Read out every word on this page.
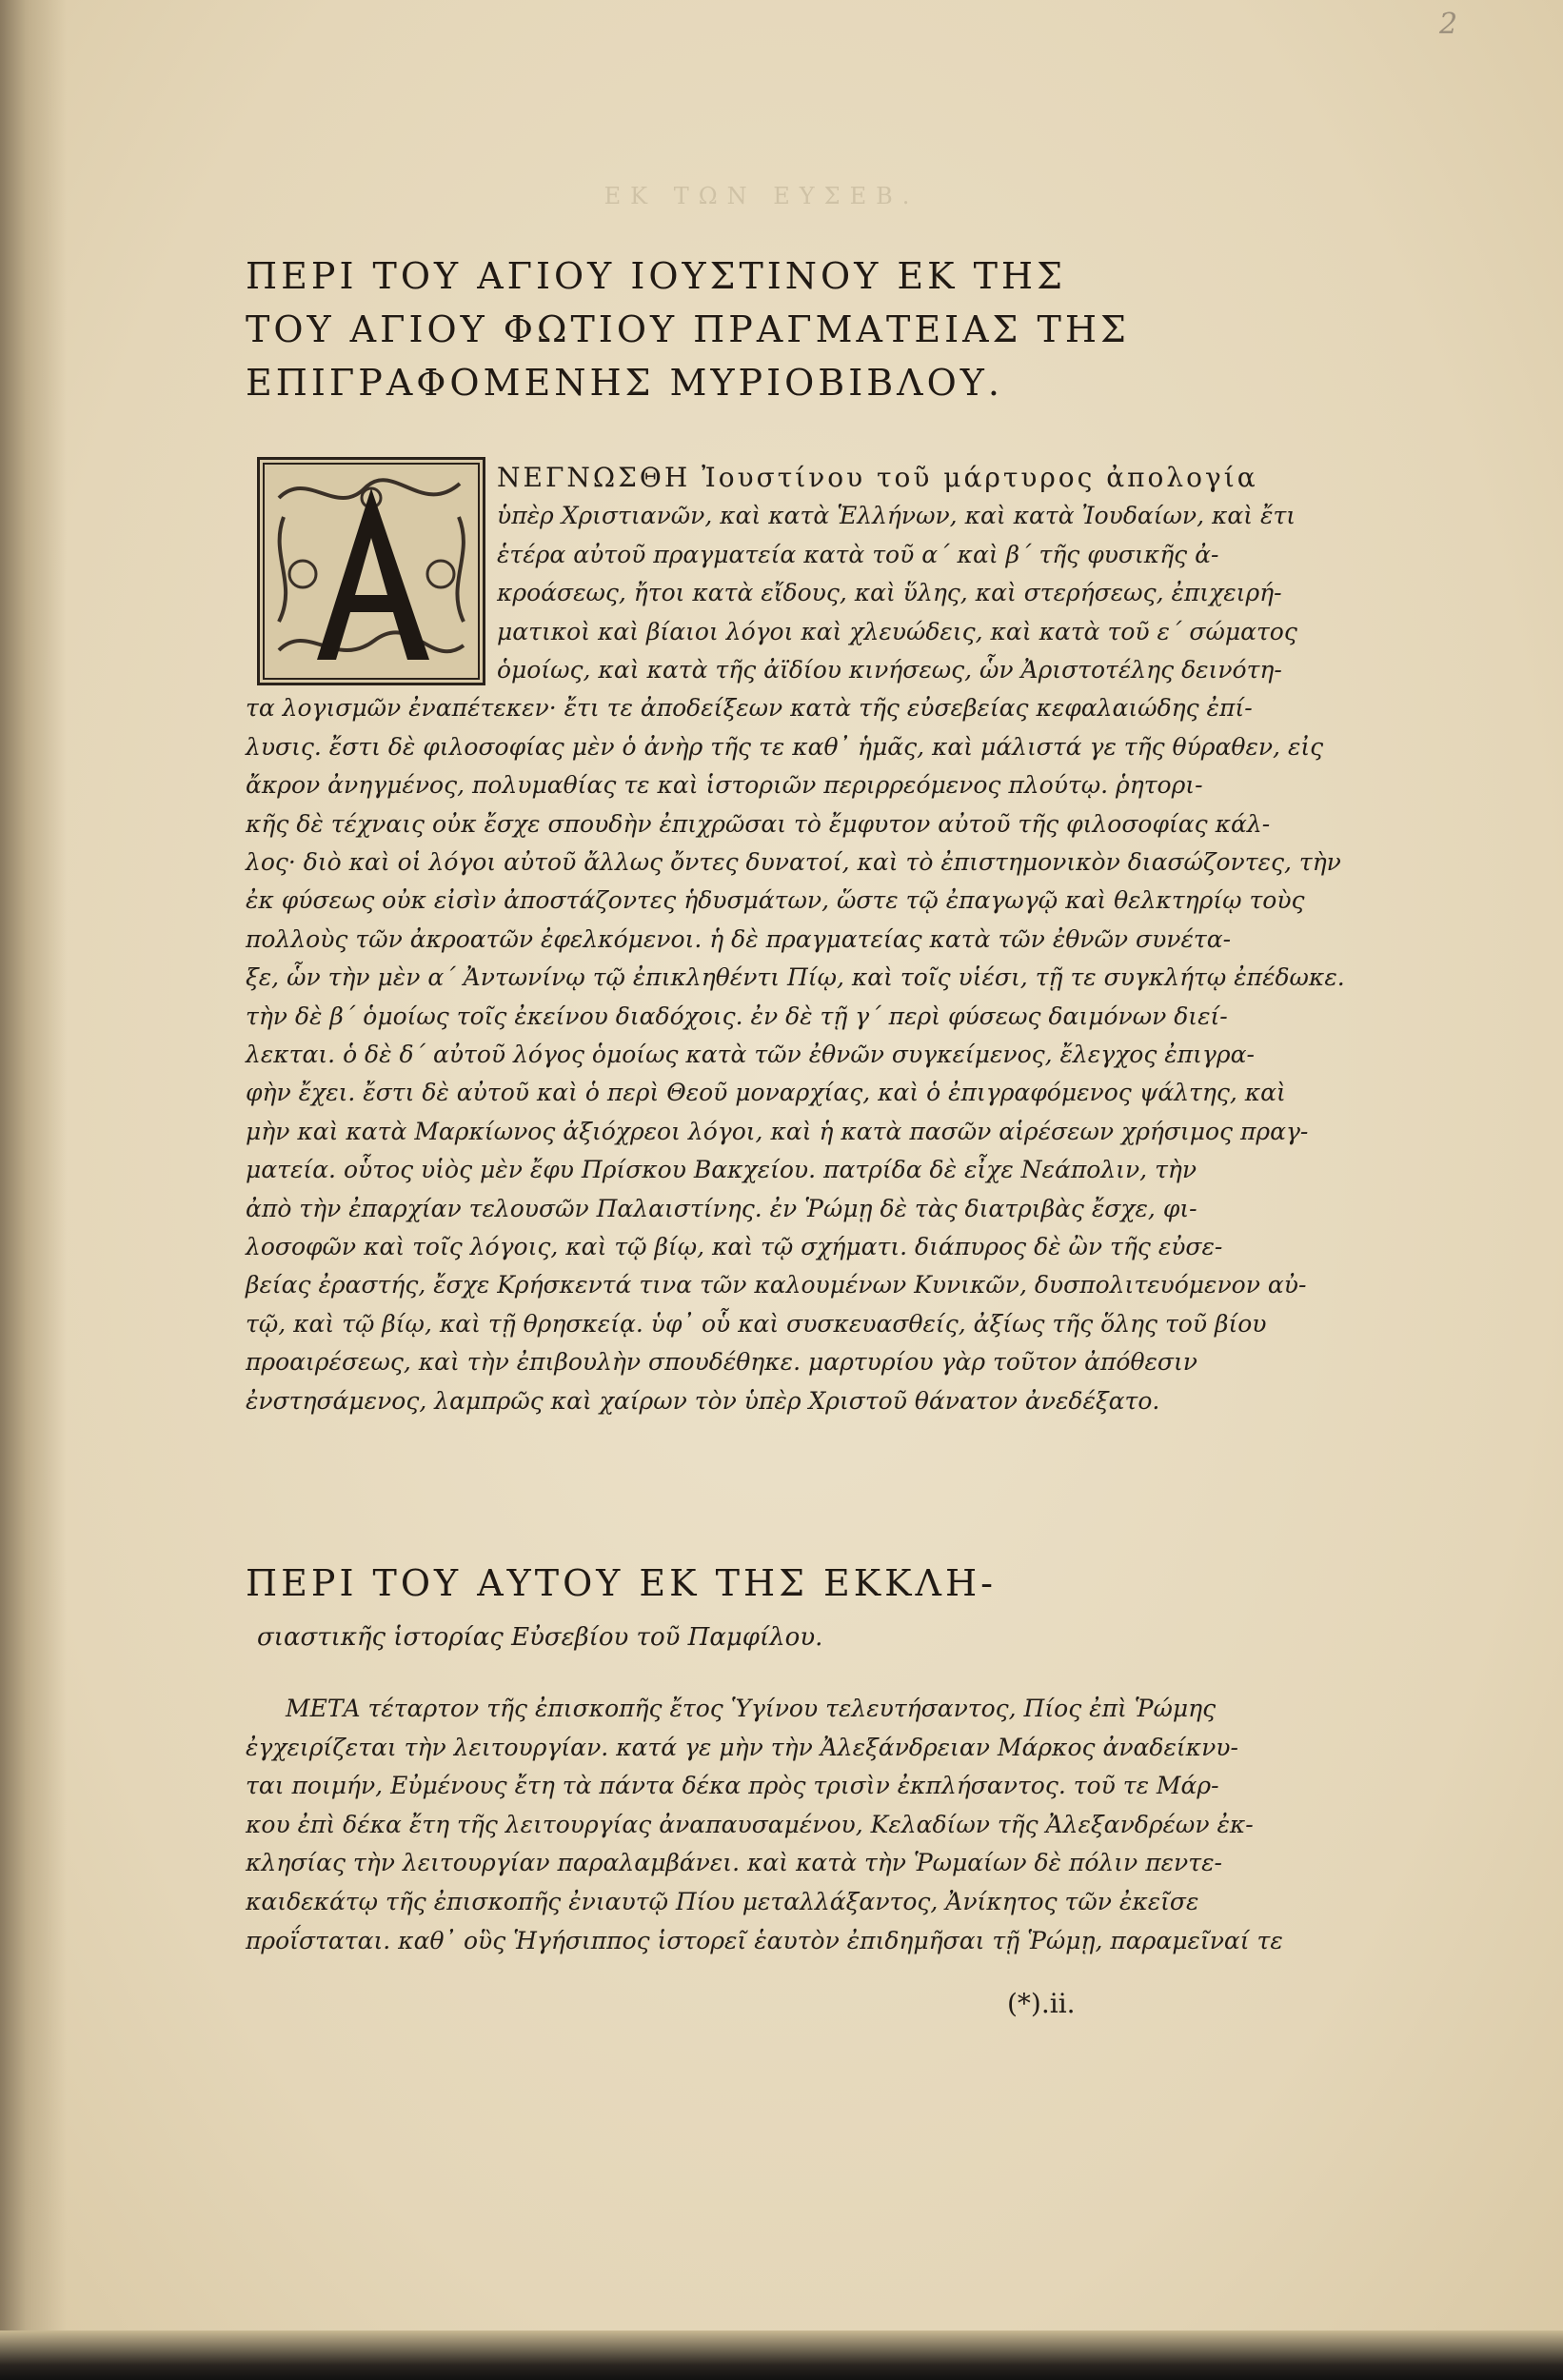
2
ΕΚ ΤΩΝ ΕΥΣΕΒ.
ΠΕΡΙ ΤΟΥ ΑΓΙΟΥ ΙΟΥΣΤΙΝΟΥ ΕΚ ΤΗΣ
ΤΟΥ ΑΓΙΟΥ ΦΩΤΙΟΥ ΠΡΑΓΜΑΤΕΙΑΣ ΤΗΣ
ΕΠΙΓΡΑΦΟΜΕΝΗΣ ΜΥΡΙΟΒΙΒΛΟΥ.
ΝΕΓΝΩΣΘΗ Ἰουστίνου τοῦ μάρτυρος ἀπολογία
ὑπὲρ Χριστιανῶν, καὶ κατὰ Ἑλλήνων, καὶ κατὰ Ἰουδαίων, καὶ ἔτι
ἑτέρα αὐτοῦ πραγματεία κατὰ τοῦ α΄ καὶ β΄ τῆς φυσικῆς ἀ-
κροάσεως, ἤτοι κατὰ εἴδους, καὶ ὕλης, καὶ στερήσεως, ἐπιχειρή-
ματικοὶ καὶ βίαιοι λόγοι καὶ χλευώδεις, καὶ κατὰ τοῦ ε΄ σώματος
ὁμοίως, καὶ κατὰ τῆς ἀϊδίου κινήσεως, ὧν Ἀριστοτέλης δεινότη-
τα λογισμῶν ἐναπέτεκεν· ἔτι τε ἀποδείξεων κατὰ τῆς εὐσεβείας κεφαλαιώδης ἐπί-
λυσις. ἔστι δὲ φιλοσοφίας μὲν ὁ ἀνὴρ τῆς τε καθ᾽ ἡμᾶς, καὶ μάλιστά γε τῆς θύραθεν, εἰς
ἄκρον ἀνηγμένος, πολυμαθίας τε καὶ ἱστοριῶν περιρρεόμενος πλούτῳ. ῥητορι-
κῆς δὲ τέχναις οὐκ ἔσχε σπουδὴν ἐπιχρῶσαι τὸ ἔμφυτον αὐτοῦ τῆς φιλοσοφίας κάλ-
λος· διὸ καὶ οἱ λόγοι αὐτοῦ ἄλλως ὄντες δυνατοί, καὶ τὸ ἐπιστημονικὸν διασώζοντες, τὴν
ἐκ φύσεως οὐκ εἰσὶν ἀποστάζοντες ἡδυσμάτων, ὥστε τῷ ἐπαγωγῷ καὶ θελκτηρίῳ τοὺς
πολλοὺς τῶν ἀκροατῶν ἐφελκόμενοι. ἡ δὲ πραγματείας κατὰ τῶν ἐθνῶν συνέτα-
ξε, ὧν τὴν μὲν α΄ Ἀντωνίνῳ τῷ ἐπικληθέντι Πίῳ, καὶ τοῖς υἱέσι, τῇ τε συγκλήτῳ ἐπέδωκε.
τὴν δὲ β΄ ὁμοίως τοῖς ἐκείνου διαδόχοις. ἐν δὲ τῇ γ΄ περὶ φύσεως δαιμόνων διεί-
λεκται. ὁ δὲ δ΄ αὐτοῦ λόγος ὁμοίως κατὰ τῶν ἐθνῶν συγκείμενος, ἔλεγχος ἐπιγρα-
φὴν ἔχει. ἔστι δὲ αὐτοῦ καὶ ὁ περὶ Θεοῦ μοναρχίας, καὶ ὁ ἐπιγραφόμενος ψάλτης, καὶ
μὴν καὶ κατὰ Μαρκίωνος ἀξιόχρεοι λόγοι, καὶ ἡ κατὰ πασῶν αἱρέσεων χρήσιμος πραγ-
ματεία. οὗτος υἱὸς μὲν ἔφυ Πρίσκου Βακχείου. πατρίδα δὲ εἶχε Νεάπολιν, τὴν
ἀπὸ τὴν ἐπαρχίαν τελουσῶν Παλαιστίνης. ἐν Ῥώμῃ δὲ τὰς διατριβὰς ἔσχε, φι-
λοσοφῶν καὶ τοῖς λόγοις, καὶ τῷ βίῳ, καὶ τῷ σχήματι. διάπυρος δὲ ὢν τῆς εὐσε-
βείας ἐραστής, ἔσχε Κρήσκεντά τινα τῶν καλουμένων Κυνικῶν, δυσπολιτευόμενον αὐ-
τῷ, καὶ τῷ βίῳ, καὶ τῇ θρησκείᾳ. ὑφ᾽ οὗ καὶ συσκευασθείς, ἀξίως τῆς ὅλης τοῦ βίου
προαιρέσεως, καὶ τὴν ἐπιβουλὴν σπουδέθηκε. μαρτυρίου γὰρ τοῦτον ἀπόθεσιν
ἐνστησάμενος, λαμπρῶς καὶ χαίρων τὸν ὑπὲρ Χριστοῦ θάνατον ἀνεδέξατο.
ΠΕΡΙ ΤΟΥ ΑΥΤΟΥ ΕΚ ΤΗΣ ΕΚΚΛΗ-
σιαστικῆς ἱστορίας Εὐσεβίου τοῦ Παμφίλου.
ΜΕΤΑ τέταρτον τῆς ἐπισκοπῆς ἔτος Ὑγίνου τελευτήσαντος, Πίος ἐπὶ Ῥώμης
ἐγχειρίζεται τὴν λειτουργίαν. κατά γε μὴν τὴν Ἀλεξάνδρειαν Μάρκος ἀναδείκνυ-
ται ποιμήν, Εὐμένους ἔτη τὰ πάντα δέκα πρὸς τρισὶν ἐκπλήσαντος. τοῦ τε Μάρ-
κου ἐπὶ δέκα ἔτη τῆς λειτουργίας ἀναπαυσαμένου, Κελαδίων τῆς Ἀλεξανδρέων ἐκ-
κλησίας τὴν λειτουργίαν παραλαμβάνει. καὶ κατὰ τὴν Ῥωμαίων δὲ πόλιν πεντε-
καιδεκάτῳ τῆς ἐπισκοπῆς ἐνιαυτῷ Πίου μεταλλάξαντος, Ἀνίκητος τῶν ἐκεῖσε
προΐσταται. καθ᾽ οὓς Ἡγήσιππος ἱστορεῖ ἑαυτὸν ἐπιδημῆσαι τῇ Ῥώμῃ, παραμεῖναί τε
(*).ii.
